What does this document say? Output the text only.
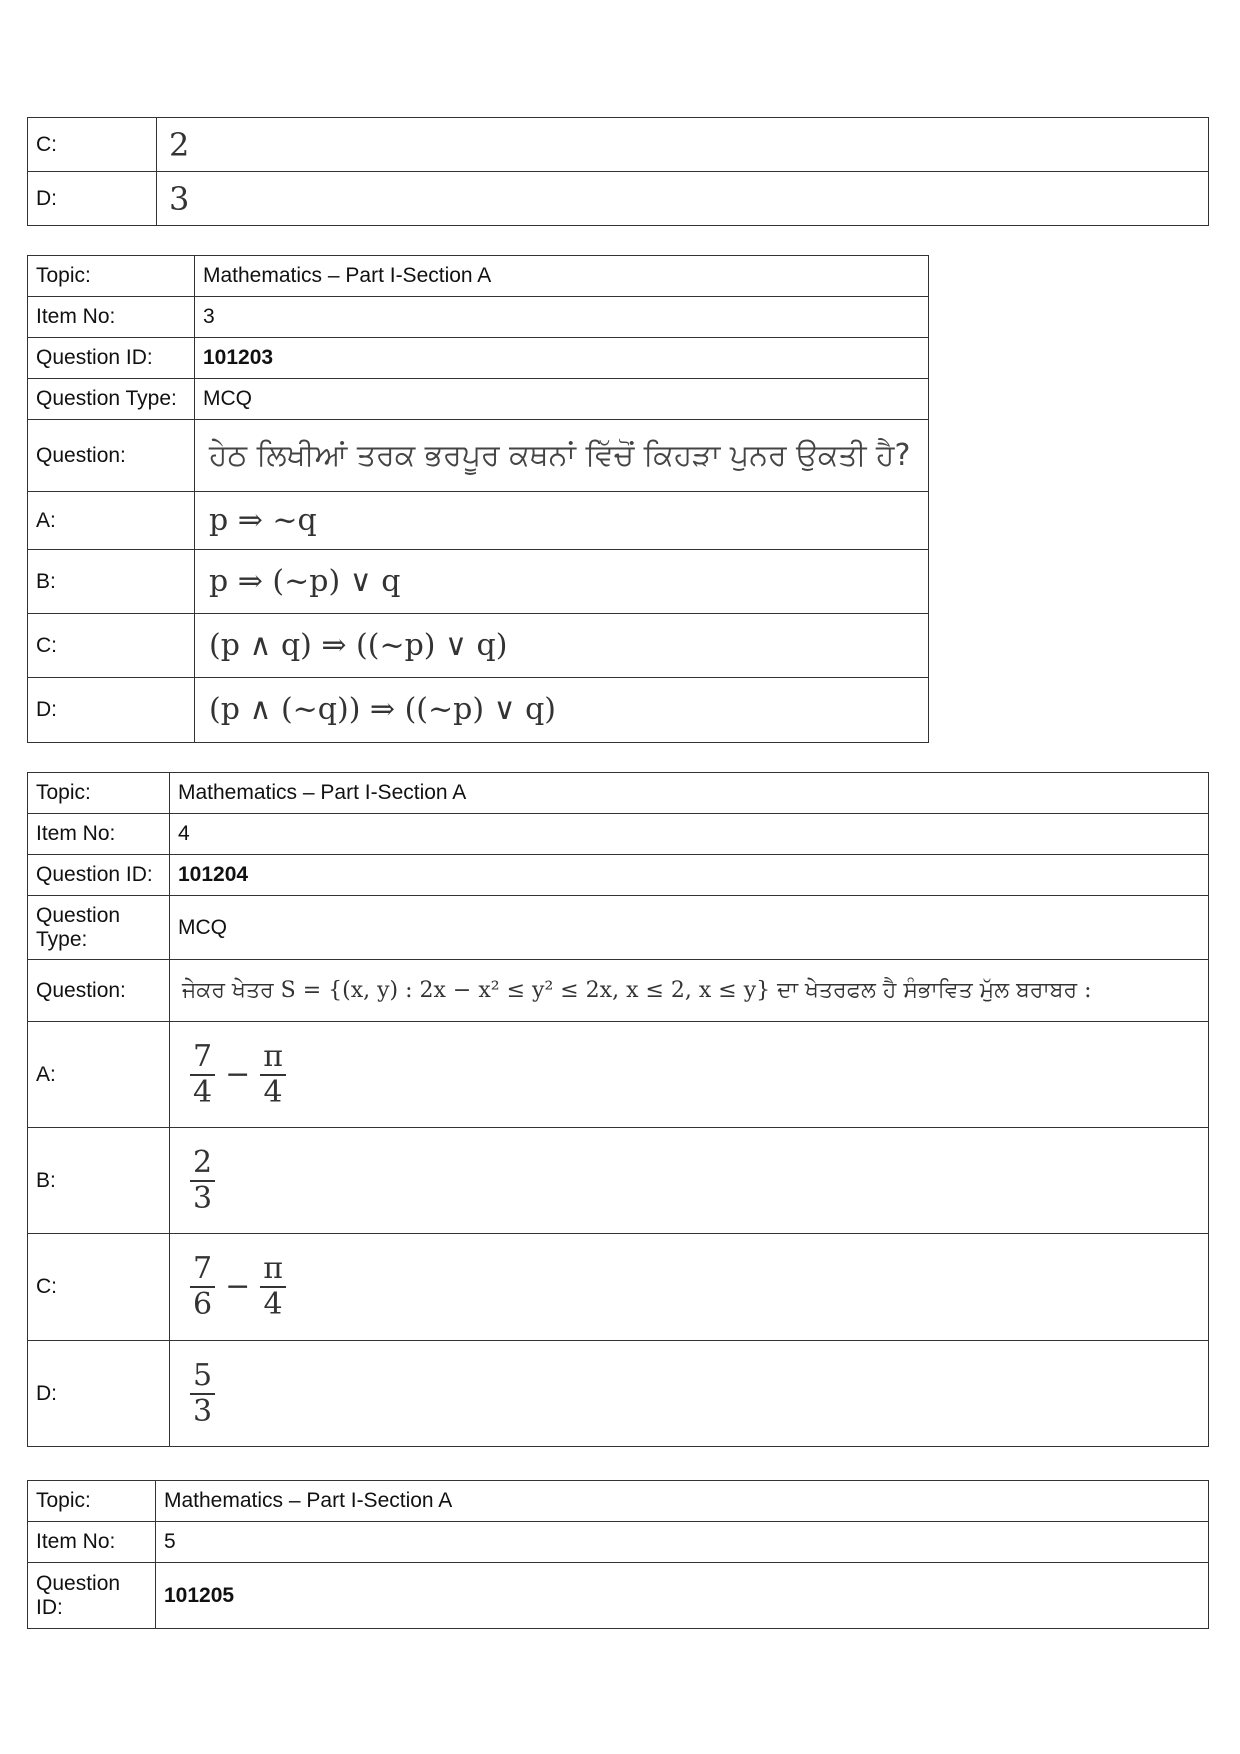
C:	2
D:	3
Topic:	Mathematics – Part I-Section A
Item No:	3
Question ID:	101203
Question Type:	MCQ
Question:	ਹੇਠ ਲਿਖੀਆਂ ਤਰਕ ਭਰਪੂਰ ਕਥਨਾਂ ਵਿੱਚੋਂ ਕਿਹੜਾ ਪੁਨਰ ਉਕਤੀ ਹੈ?
A:	p ⇒ ~q
B:	p ⇒ (~p) ∨ q
C:	(p ∧ q) ⇒ ((~p) ∨ q)
D:	(p ∧ (~q)) ⇒ ((~p) ∨ q)
Topic:	Mathematics – Part I-Section A
Item No:	4
Question ID:	101204
Question Type:	MCQ
Question:	ਜੇਕਰ ਖੇਤਰ S = {(x, y) : 2x − x² ≤ y² ≤ 2x, x ≤ 2, x ≤ y} ਦਾ ਖੇਤਰਫਲ ਹੈ ਸੰਭਾਵਿਤ ਮੁੱਲ ਬਰਾਬਰ :
A:	$\frac{7}{4} - \frac{\pi}{4}$

B:	$\frac{2}{3}$

C:	$\frac{7}{6} - \frac{\pi}{4}$

D:	$\frac{5}{3}$
Topic:	Mathematics – Part I-Section A
Item No:	5
Question ID:	101205
